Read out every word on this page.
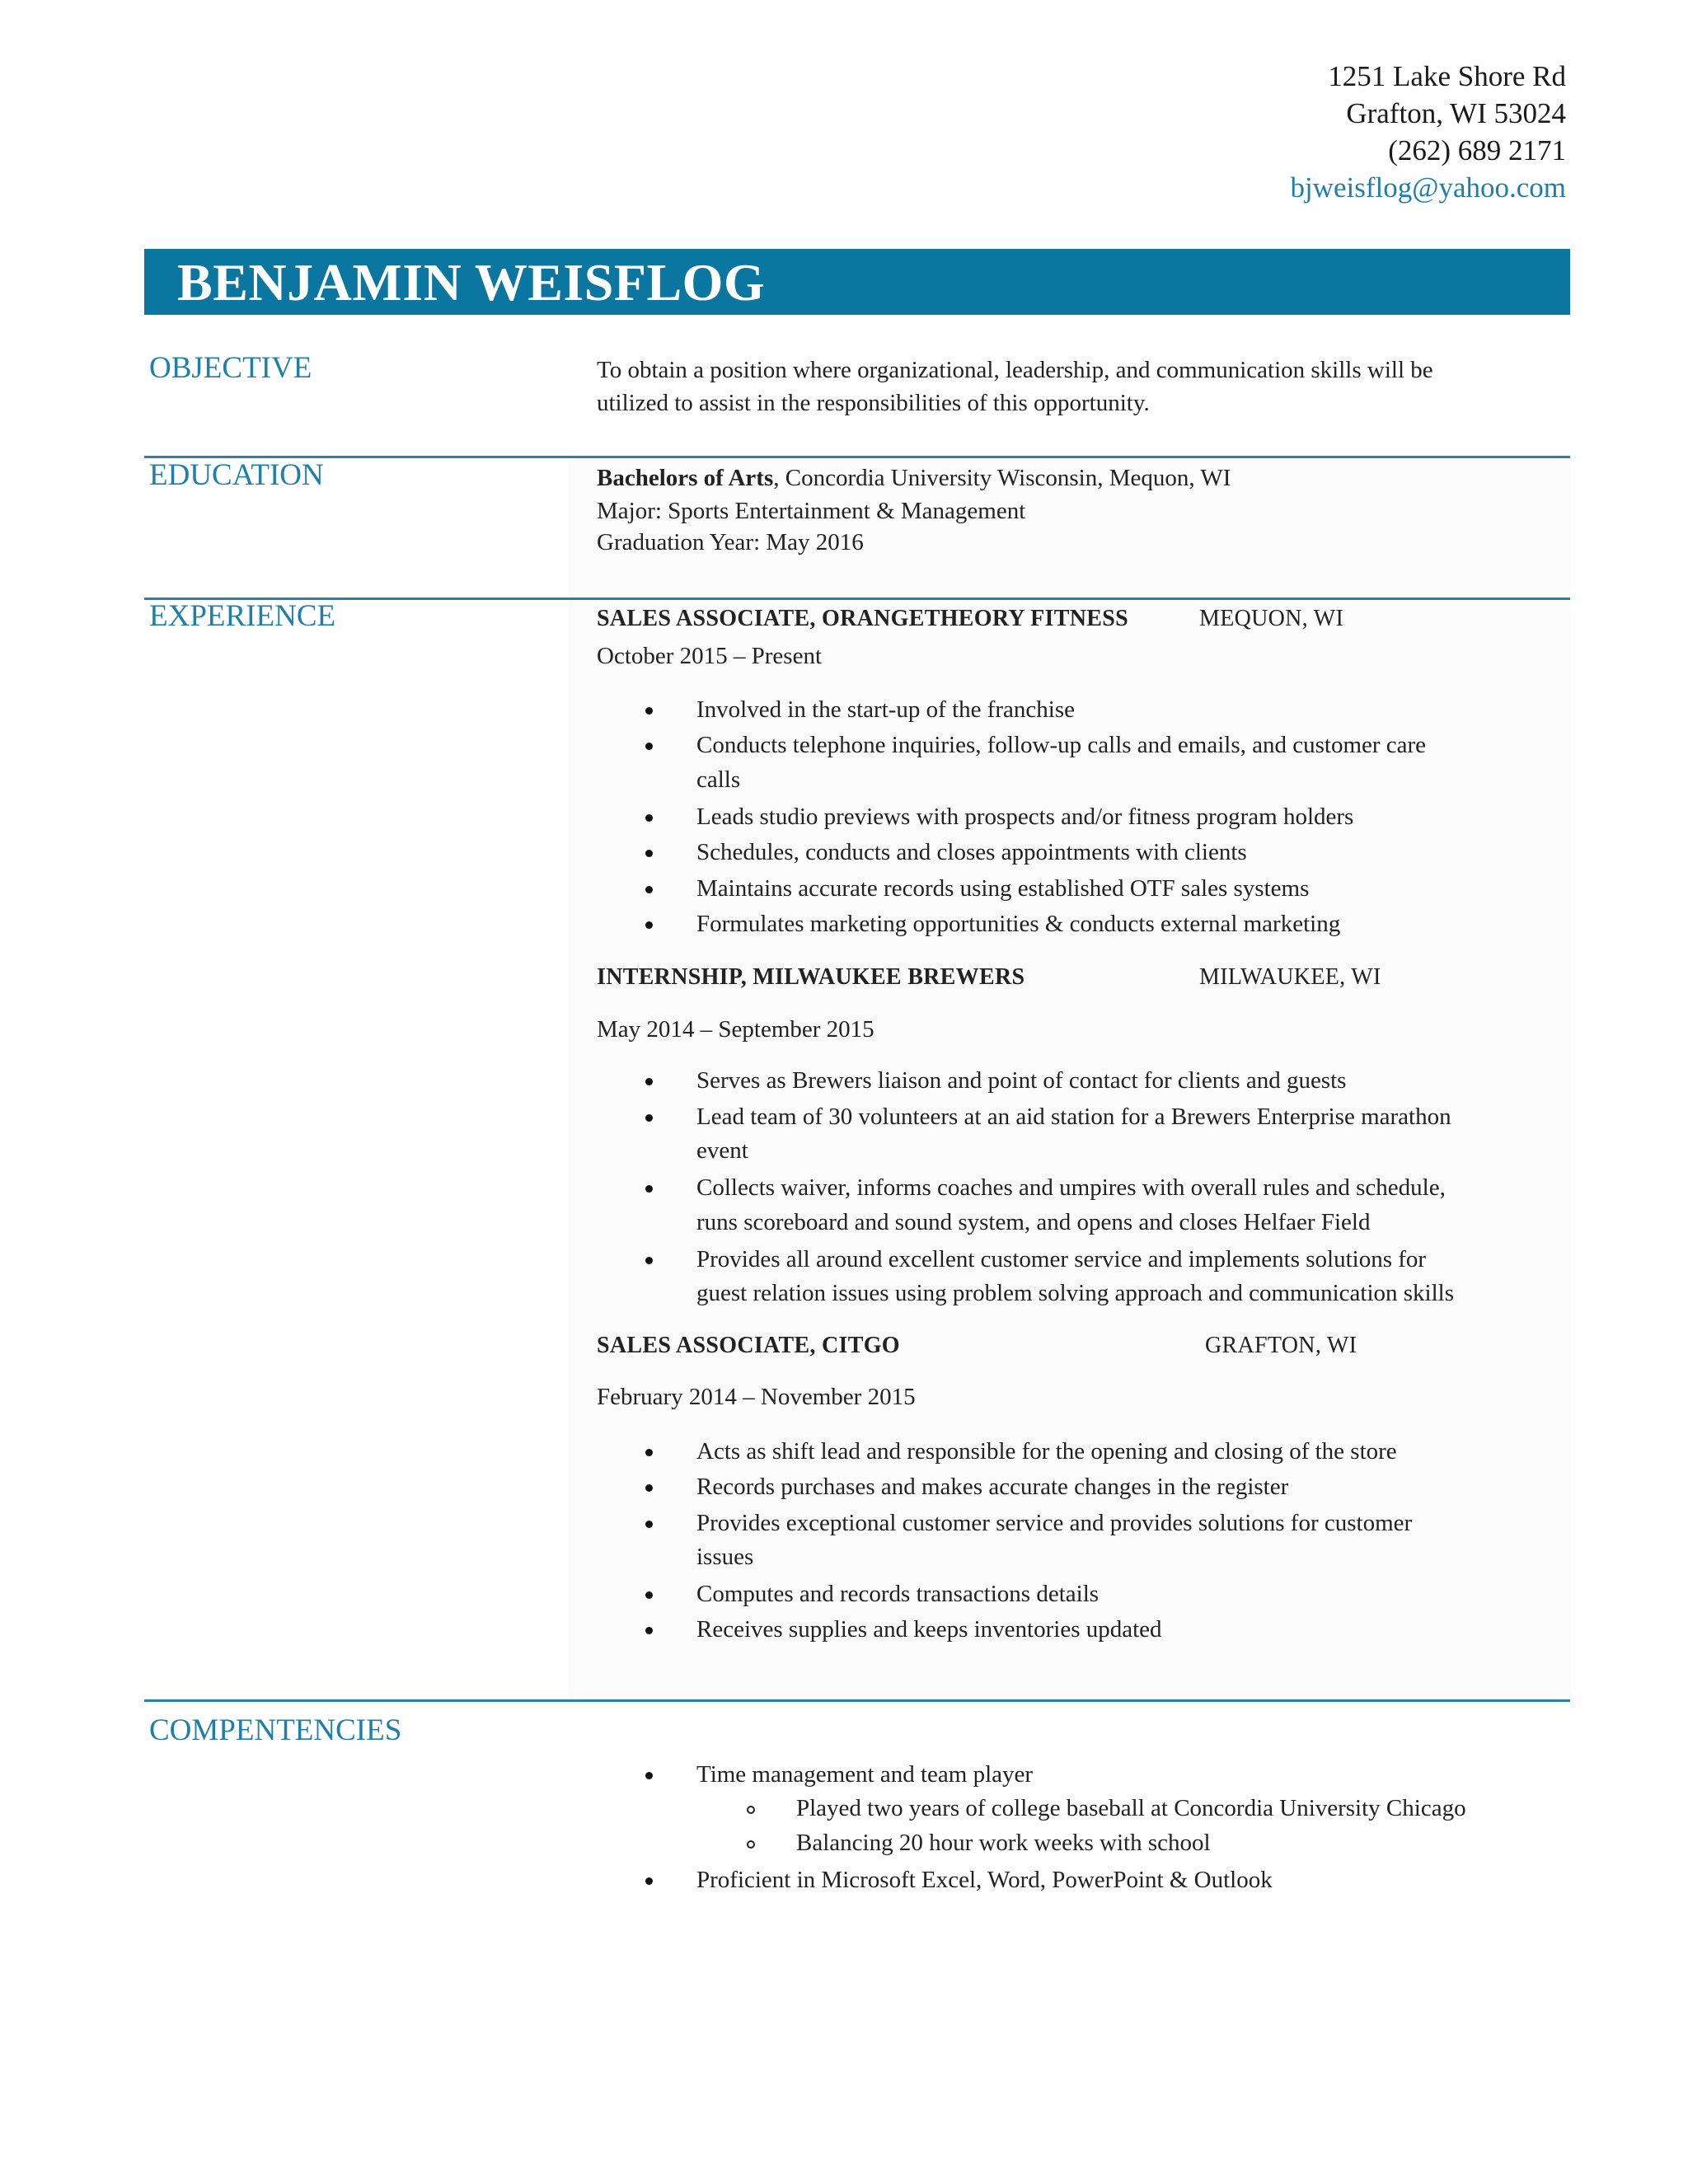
1251 Lake Shore Rd
Grafton, WI 53024
(262) 689 2171
bjweisflog@yahoo.com
BENJAMIN WEISFLOG
OBJECTIVE	To obtain a position where organizational, leadership, and communication skills will be
utilized to assist in the responsibilities of this opportunity.
EDUCATION	Bachelors of Arts, Concordia University Wisconsin, Mequon, WI
Major: Sports Entertainment & Management
Graduation Year: May 2016
EXPERIENCE	SALES ASSOCIATE, ORANGETHEORY FITNESS	MEQUON, WI
October 2015 – Present
Involved in the start-up of the franchise
Conducts telephone inquiries, follow-up calls and emails, and customer care
calls
Leads studio previews with prospects and/or fitness program holders
Schedules, conducts and closes appointments with clients
Maintains accurate records using established OTF sales systems
Formulates marketing opportunities & conducts external marketing
INTERNSHIP, MILWAUKEE BREWERS	MILWAUKEE, WI
May 2014 – September 2015
Serves as Brewers liaison and point of contact for clients and guests
Lead team of 30 volunteers at an aid station for a Brewers Enterprise marathon
event
Collects waiver, informs coaches and umpires with overall rules and schedule,
runs scoreboard and sound system, and opens and closes Helfaer Field
Provides all around excellent customer service and implements solutions for
guest relation issues using problem solving approach and communication skills
SALES ASSOCIATE, CITGO	GRAFTON, WI
February 2014 – November 2015
Acts as shift lead and responsible for the opening and closing of the store
Records purchases and makes accurate changes in the register
Provides exceptional customer service and provides solutions for customer
issues
Computes and records transactions details
Receives supplies and keeps inventories updated
COMPENTENCIES
Time management and team player
Played two years of college baseball at Concordia University Chicago
Balancing 20 hour work weeks with school
Proficient in Microsoft Excel, Word, PowerPoint & Outlook
